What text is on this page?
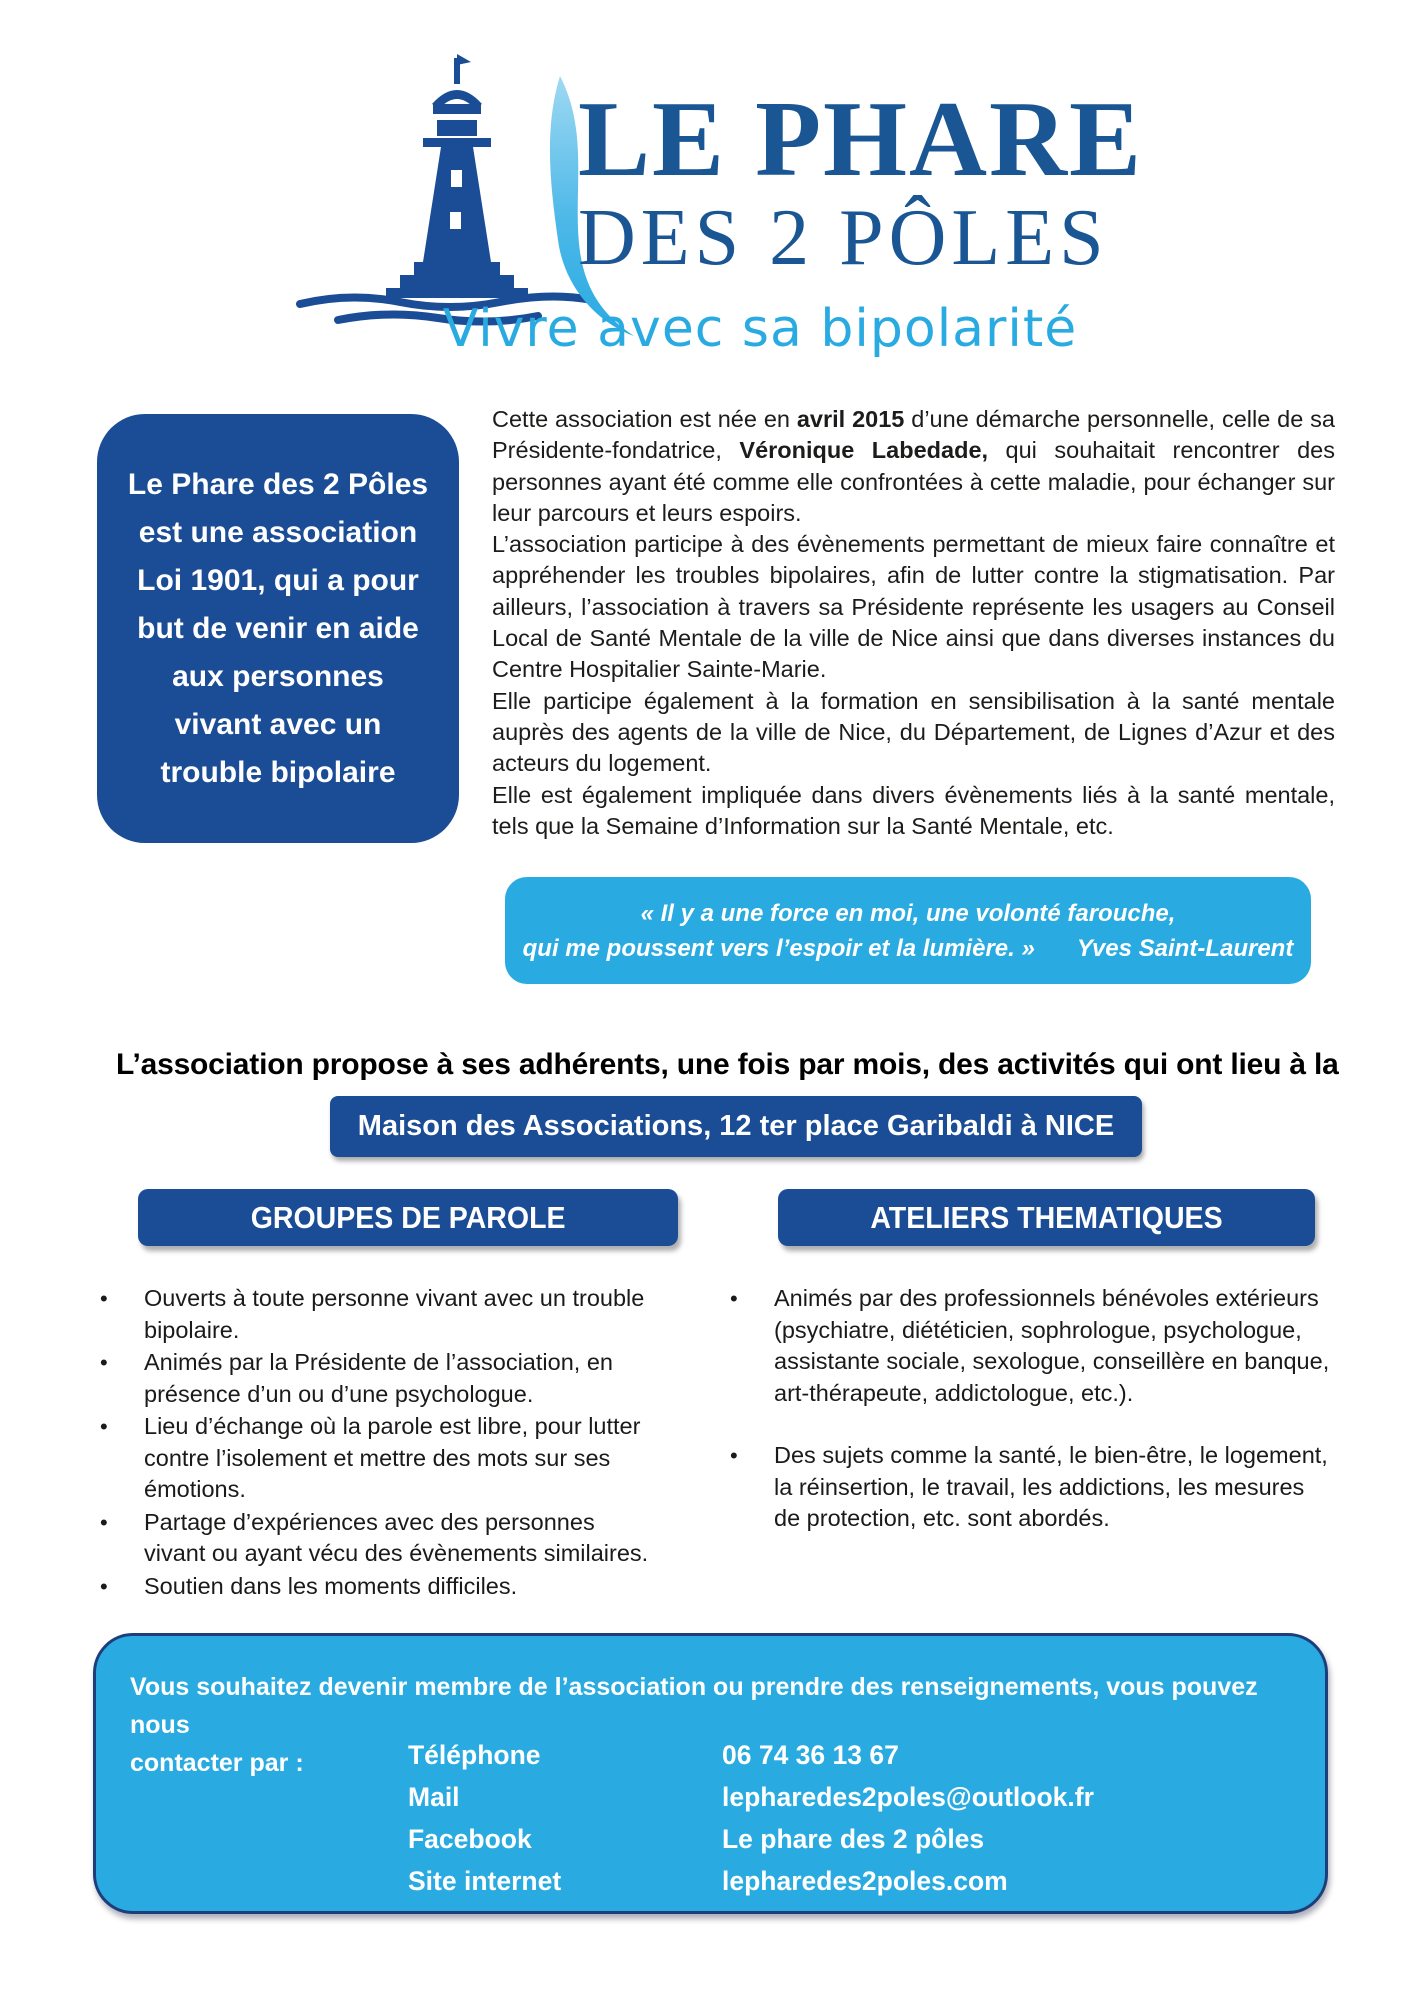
LE PHARE
DES 2 PÔLES
Vivre avec sa bipolarité
Le Phare des 2 Pôles
est une association
Loi 1901, qui a pour
but de venir en aide
aux personnes
vivant avec un
trouble bipolaire

Cette association est née en avril 2015 d’une démarche personnelle, celle de sa Présidente-fondatrice, Véronique Labedade, qui souhaitait rencontrer des personnes ayant été comme elle confrontées à cette maladie, pour échanger sur leur parcours et leurs espoirs.

L’association participe à des évènements permettant de mieux faire connaître et appréhender les troubles bipolaires, afin de lutter contre la stigmatisation. Par ailleurs, l’association à travers sa Présidente représente les usagers au Conseil Local de Santé Mentale de la ville de Nice ainsi que dans diverses instances du Centre Hospitalier Sainte-Marie.

Elle participe également à la formation en sensibilisation à la santé mentale auprès des agents de la ville de Nice, du Département, de Lignes d’Azur et des acteurs du logement.

Elle est également impliquée dans divers évènements liés à la santé mentale, tels que la Semaine d’Information sur la Santé Mentale, etc.

« Il y a une force en moi, une volonté farouche,
qui me poussent vers l’espoir et la lumière. » Yves Saint-Laurent
L’association propose à ses adhérents, une fois par mois, des activités qui ont lieu à la
Maison des Associations, 12 ter place Garibaldi à NICE
GROUPES DE PAROLE	ATELIERS THEMATIQUES
•	Ouverts à toute personne vivant avec un trouble bipolaire.
•	Animés par la Présidente de l’association, en présence d’un ou d’une psychologue.
•	Lieu d’échange où la parole est libre, pour lutter contre l’isolement et mettre des mots sur ses émotions.
•	Partage d’expériences avec des personnes vivant ou ayant vécu des évènements similaires.
•	Soutien dans les moments difficiles.
•	Animés par des professionnels bénévoles extérieurs (psychiatre, diététicien, sophrologue, psychologue, assistante sociale, sexologue, conseillère en banque, art-thérapeute, addictologue, etc.).
•	Des sujets comme la santé, le bien-être, le logement, la réinsertion, le travail, les addictions, les mesures de protection, etc. sont abordés.
Vous souhaitez devenir membre de l’association ou prendre des renseignements, vous pouvez nous
contacter par :	Téléphone	06 74 36 13 67
Mail	lepharedes2poles@outlook.fr
Facebook	Le phare des 2 pôles
Site internet	lepharedes2poles.com
